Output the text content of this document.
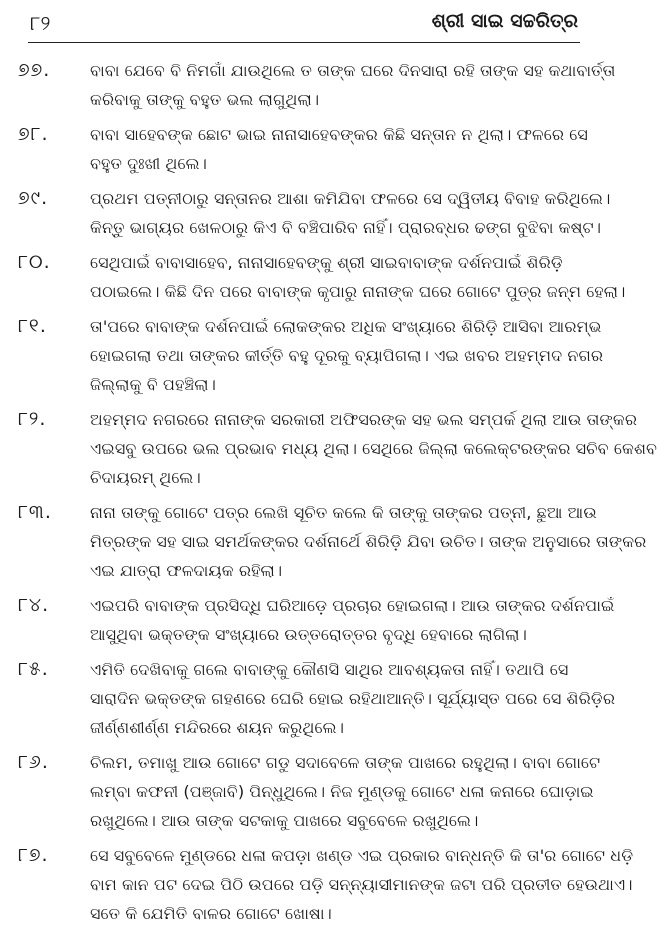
୮୨	ଶ୍ରୀ ସାଇ ସଚ୍ଚରିତ୍ର
୭୭.	ବାବା ଯେବେ ବି ନିମଗାଁ ଯାଉଥିଲେ ତ ତାଙ୍କ ଘରେ ଦିନସାରା ରହି ତାଙ୍କ ସହ କଥାବାର୍ତ୍ତା
କରିବାକୁ ତାଙ୍କୁ ବହୁତ ଭଲ ଲାଗୁଥିଲା।
୭୮.	ବାବା ସାହେବଙ୍କ ଛୋଟ ଭାଇ ନାନାସାହେବଙ୍କର କିଛି ସନ୍ତାନ ନ ଥିଲା। ଫଳରେ ସେ
ବହୁତ ଦୁଃଖୀ ଥିଲେ।
୭୯.	ପ୍ରଥମ ପତ୍ନୀଠାରୁ ସନ୍ତାନର ଆଶା କମିଯିବା ଫଳରେ ସେ ଦ୍ୱିତୀୟ ବିବାହ କରିଥିଲେ।
କିନ୍ତୁ ଭାଗ୍ୟର ଖେଳଠାରୁ କିଏ ବି ବଞ୍ଚିପାରିବ ନାହିଁ। ପ୍ରାରବ୍ଧର ଢଙ୍ଗ ବୁଝିବା କଷ୍ଟ।
୮୦.	ସେଥିପାଇଁ ବାବାସାହେବ, ନାନାସାହେବଙ୍କୁ ଶ୍ରୀ ସାଇବାବାଙ୍କ ଦର୍ଶନପାଇଁ ଶିରିଡ଼ି
ପଠାଇଲେ। କିଛି ଦିନ ପରେ ବାବାଙ୍କ କୃପାରୁ ନାନାଙ୍କ ଘରେ ଗୋଟେ ପୁତ୍ର ଜନ୍ମ ହେଲା।
୮୧.	ତା'ପରେ ବାବାଙ୍କ ଦର୍ଶନପାଇଁ ଲୋକଙ୍କର ଅଧିକ ସଂଖ୍ୟାରେ ଶିରିଡ଼ି ଆସିବା ଆରମ୍ଭ
ହୋଇଗଲା ତଥା ତାଙ୍କର କୀର୍ତ୍ତି ବହୁ ଦୂରକୁ ବ୍ୟାପିଗଲା। ଏଇ ଖବର ଅହମ୍ମଦ ନଗର
ଜିଲ୍ଲାକୁ ବି ପହଞ୍ଚିଲା।
୮୨.	ଅହମ୍ମଦ ନଗରରେ ନାନାଙ୍କ ସରକାରୀ ଅଫିସରଙ୍କ ସହ ଭଲ ସମ୍ପର୍କ ଥିଲା ଆଉ ତାଙ୍କର
ଏଇସବୁ ଉପରେ ଭଲ ପ୍ରଭାବ ମଧ୍ୟ ଥିଲା। ସେଥିରେ ଜିଲ୍ଲା କଲେକ୍ଟରଙ୍କର ସଚିବ କେଶବ
ଚିଦାୟରମ୍ ଥିଲେ।
୮୩.	ନାନା ତାଙ୍କୁ ଗୋଟେ ପତ୍ର ଲେଖି ସୂଚିତ କଲେ କି ତାଙ୍କୁ ତାଙ୍କର ପତ୍ନୀ, ଛୁଆ ଆଉ
ମିତ୍ରଙ୍କ ସହ ସାଇ ସମର୍ଥକଙ୍କର ଦର୍ଶନାର୍ଥେ ଶିରିଡ଼ି ଯିବା ଉଚିତ। ତାଙ୍କ ଅନୁସାରେ ତାଙ୍କର
ଏଇ ଯାତ୍ରା ଫଳଦାୟକ ରହିଲା।
୮୪.	ଏଇପରି ବାବାଙ୍କ ପ୍ରସିଦ୍ଧି ଘରିଆଡ଼େ ପ୍ରଚାର ହୋଇଗଲା। ଆଉ ତାଙ୍କର ଦର୍ଶନପାଇଁ
ଆସୁଥିବା ଭକ୍ତଙ୍କ ସଂଖ୍ୟାରେ ଉତ୍ତରୋତ୍ତର ବୃଦ୍ଧି ହେବାରେ ଲାଗିଲା।
୮୫.	ଏମିତି ଦେଖିବାକୁ ଗଲେ ବାବାଙ୍କୁ କୌଣସି ସାଥିର ଆବଶ୍ୟକତା ନାହିଁ। ତଥାପି ସେ
ସାରାଦିନ ଭକ୍ତଙ୍କ ଗହଣରେ ଘେରି ହୋଇ ରହିଥାଆନ୍ତି। ସୂର୍ଯ୍ୟାସ୍ତ ପରେ ସେ ଶିରିଡ଼ିର
ଜୀର୍ଣ୍ଣଶୀର୍ଣ୍ଣ ମନ୍ଦିରରେ ଶୟନ କରୁଥିଲେ।
୮୬.	ଚିଲମ, ତମାଖୁ ଆଉ ଗୋଟେ ଗଡୁ ସଦାବେଳେ ତାଙ୍କ ପାଖରେ ରହୁଥିଲା। ବାବା ଗୋଟେ
ଲମ୍ବା କଫନୀ (ପଞ୍ଜାବି) ପିନ୍ଧୁଥିଲେ। ନିଜ ମୁଣ୍ଡକୁ ଗୋଟେ ଧଳା କନାରେ ଘୋଡ଼ାଇ
ରଖୁଥିଲେ। ଆଉ ତାଙ୍କ ସଟକାକୁ ପାଖରେ ସବୁବେଳେ ରଖୁଥିଲେ।
୮୭.	ସେ ସବୁବେଳେ ମୁଣ୍ଡରେ ଧଳା କପଡ଼ା ଖଣ୍ଡ ଏଇ ପ୍ରକାର ବାନ୍ଧନ୍ତି କି ତା'ର ଗୋଟେ ଧଡ଼ି
ବାମ କାନ ପଟ ଦେଇ ପିଠି ଉପରେ ପଡ଼ି ସନ୍ନ୍ୟାସୀମାନଙ୍କ ଜଟା ପରି ପ୍ରତୀତ ହେଉଥାଏ।
ସତେ କି ଯେମିତି ବାଳର ଗୋଟେ ଖୋଷା।
